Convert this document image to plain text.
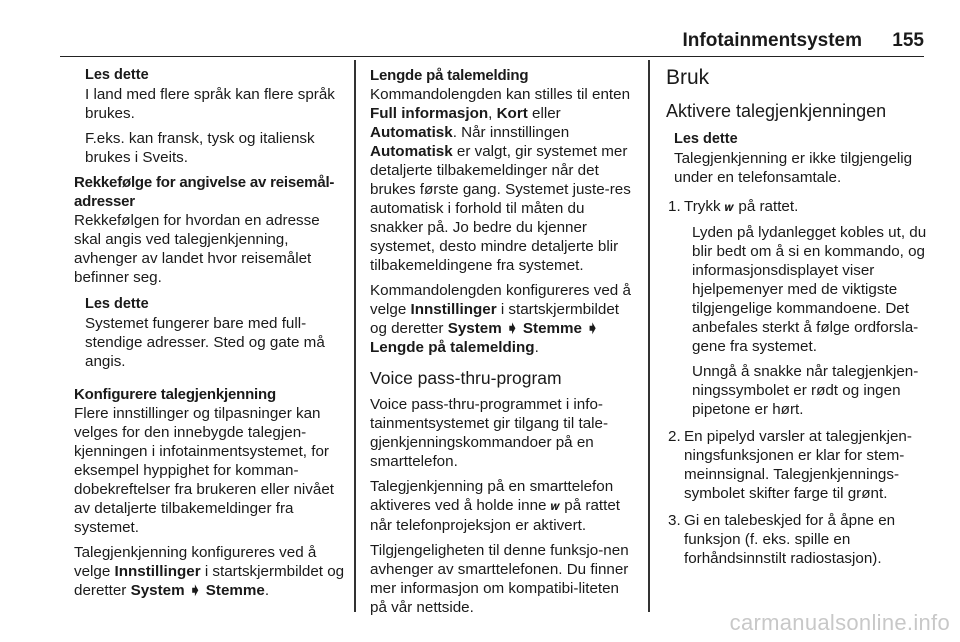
Infotainmentsystem 155

Les dette

I land med flere språk kan flere språk brukes.

F.eks. kan fransk, tysk og italiensk brukes i Sveits.

Rekkefølge for angivelse av reisemål-adresser

Rekkefølgen for hvordan en adresse skal angis ved talegjenkjenning, avhenger av landet hvor reisemålet befinner seg.

Les dette

Systemet fungerer bare med full-stendige adresser. Sted og gate må angis.

Konfigurere talegjenkjenning

Flere innstillinger og tilpasninger kan velges for den innebygde talegjen-kjenningen i infotainmentsystemet, for eksempel hyppighet for komman-dobekreftelser fra brukeren eller nivået av detaljerte tilbakemeldinger fra systemet.

Talegjenkjenning konfigureres ved å velge Innstillinger i startskjermbildet og deretter System ➧ Stemme.

Lengde på talemelding

Kommandolengden kan stilles til enten Full informasjon, Kort eller Automatisk. Når innstillingen Automatisk er valgt, gir systemet mer detaljerte tilbakemeldinger når det brukes første gang. Systemet juste-res automatisk i forhold til måten du snakker på. Jo bedre du kjenner systemet, desto mindre detaljerte blir tilbakemeldingene fra systemet.

Kommandolengden konfigureres ved å velge Innstillinger i startskjermbildet og deretter System ➧ Stemme ➧ Lengde på talemelding.

Voice pass-thru-program

Voice pass-thru-programmet i info-tainmentsystemet gir tilgang til tale-gjenkjenningskommandoer på en smarttelefon.

Talegjenkjenning på en smarttelefon aktiveres ved å holde inne 𝒘 på rattet når telefonprojeksjon er aktivert.

Tilgjengeligheten til denne funksjo-nen avhenger av smarttelefonen. Du finner mer informasjon om kompatibi-liteten på vår nettside.

Bruk

Aktivere talegjenkjenningen

Les dette

Talegjenkjenning er ikke tilgjengelig under en telefonsamtale.

1. Trykk 𝒘 på rattet.

Lyden på lydanlegget kobles ut, du blir bedt om å si en kommando, og informasjonsdisplayet viser hjelpemenyer med de viktigste tilgjengelige kommandoene. Det anbefales sterkt å følge ordforsla-gene fra systemet.

Unngå å snakke når talegjenkjen-ningssymbolet er rødt og ingen pipetone er hørt.

2. En pipelyd varsler at talegjenkjen-ningsfunksjonen er klar for stem-meinnsignal. Talegjenkjennings-symbolet skifter farge til grønt.

3. Gi en talebeskjed for å åpne en funksjon (f. eks. spille en forhåndsinnstilt radiostasjon).

carmanualsonline.info
